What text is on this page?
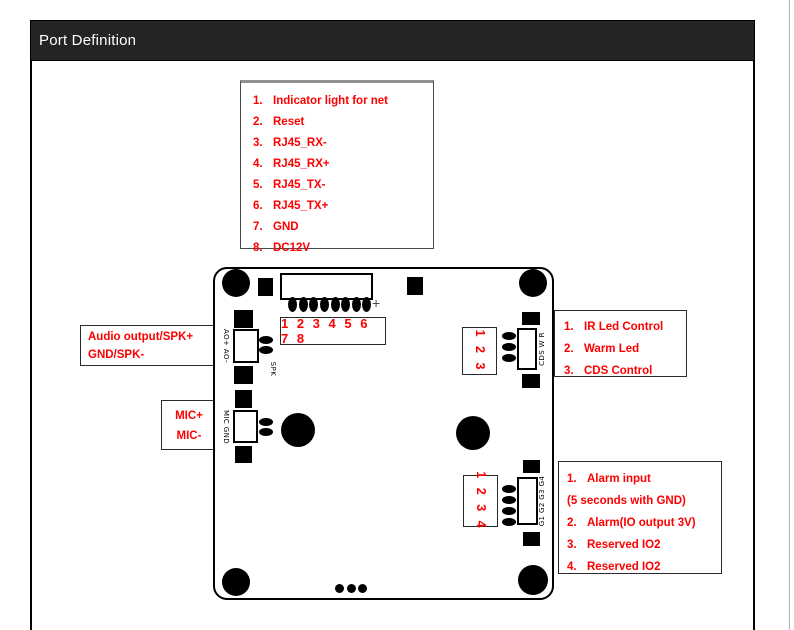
Port Definition
1. Indicator light for net
2. Reset
3. RJ45_RX-
4. RJ45_RX+
5. RJ45_TX-
6. RJ45_TX+
7. GND
8. DC12V
Audio output/SPK+
GND/SPK-
MIC+
MIC-
1. IR Led Control
2. Warm Led
3. CDS Control
1. Alarm input
(5 seconds with GND)
2. Alarm(IO output 3V)
3. Reserved IO2
4. Reserved IO2
+
1 2 3 4 5 6 7 8
AO+ AO-
SPK
MIC GND
CDS W R
1 2 3
G1 G2 G3 G4
1 2 3 4
